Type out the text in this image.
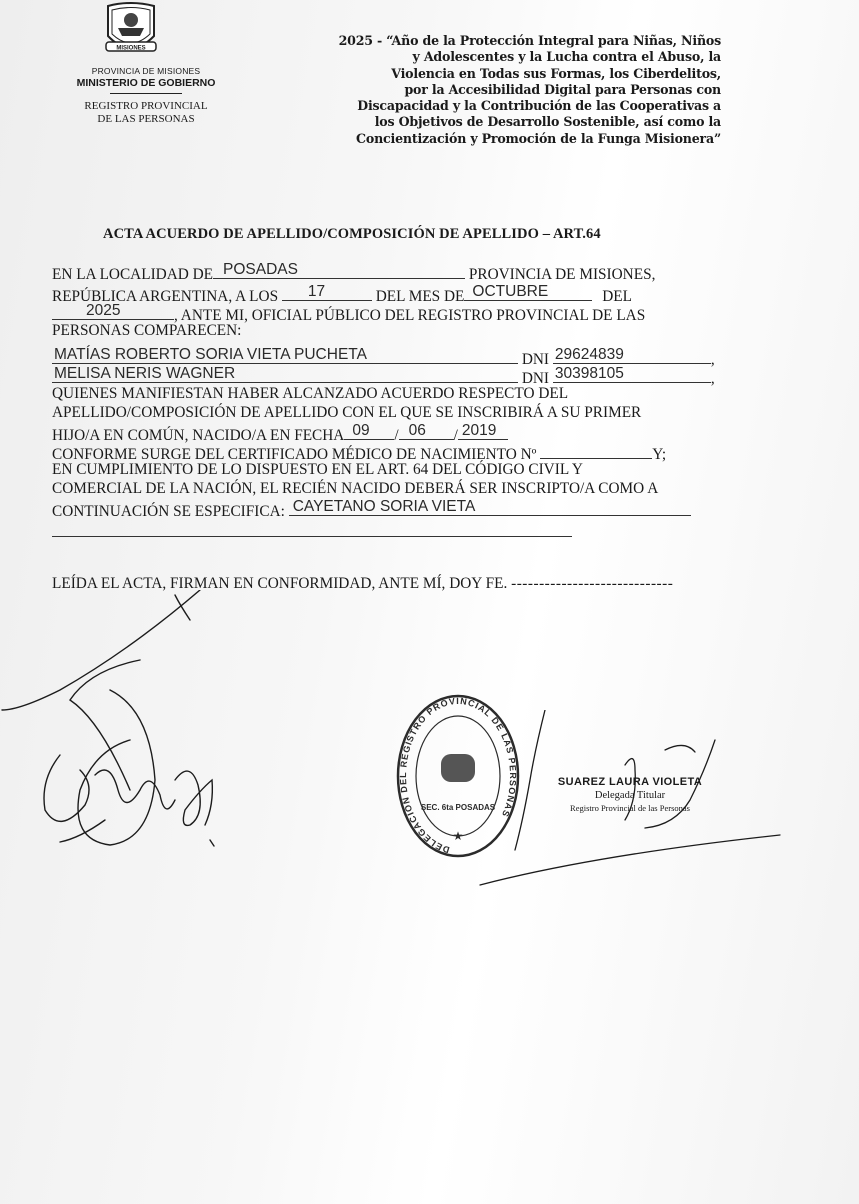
MISIONES
PROVINCIA DE MISIONES
MINISTERIO DE GOBIERNO
REGISTRO PROVINCIAL
DE LAS PERSONAS
2025 - “Año de la Protección Integral para Niñas, Niños
y Adolescentes y la Lucha contra el Abuso, la
Violencia en Todas sus Formas, los Ciberdelitos,
por la Accesibilidad Digital para Personas con
Discapacidad y la Contribución de las Cooperativas a
los Objetivos de Desarrollo Sostenible, así como la
Concientización y Promoción de la Funga Misionera”
ACTA ACUERDO DE APELLIDO/COMPOSICIÓN DE APELLIDO – ART.64
EN LA LOCALIDAD DE POSADAS	PROVINCIA DE MISIONES,
REPÚBLICA ARGENTINA, A LOS 17	DEL MES DE OCTUBRE	DEL
2025	, ANTE MI, OFICIAL PÚBLICO DEL REGISTRO PROVINCIAL DE LAS
PERSONAS COMPARECEN:
MATÍAS ROBERTO SORIA VIETA PUCHETA	DNI 29624839	,
MELISA NERIS WAGNER	DNI 30398105	,
QUIENES MANIFIESTAN HABER ALCANZADO ACUERDO RESPECTO DEL
APELLIDO/COMPOSICIÓN DE APELLIDO CON EL QUE SE INSCRIBIRÁ A SU PRIMER
HIJO/A EN COMÚN, NACIDO/A EN FECHA 09 / 06 / 2019
CONFORME SURGE DEL CERTIFICADO MÉDICO DE NACIMIENTO Nº	Y;
EN CUMPLIMIENTO DE LO DISPUESTO EN EL ART. 64 DEL CÓDIGO CIVIL Y
COMERCIAL DE LA NACIÓN, EL RECIÉN NACIDO DEBERÁ SER INSCRIPTO/A COMO A
CONTINUACIÓN SE ESPECIFICA: CAYETANO SORIA VIETA
LEÍDA EL ACTA, FIRMAN EN CONFORMIDAD, ANTE MÍ, DOY FE. -----------------------------
DELEGACION DEL REGISTRO PROVINCIAL DE LAS PERSONAS
SEC. 6ta POSADAS
★
SUAREZ LAURA VIOLETA
Delegada Titular
Registro Provincial de las Personas
